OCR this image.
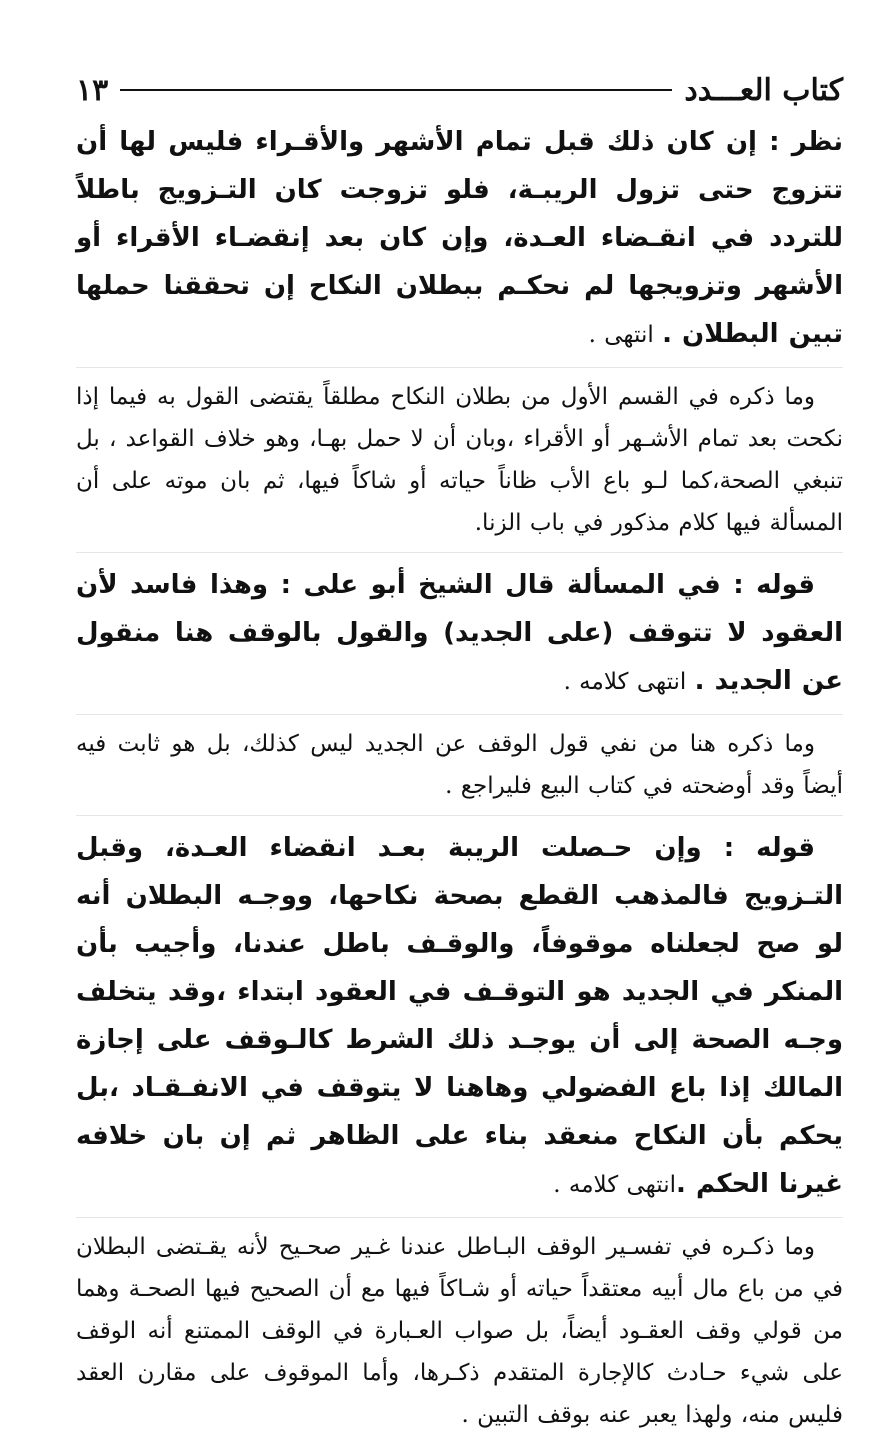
كتاب العـــدد
١٣

نظر : إن كان ذلك قبل تمام الأشهر والأقـراء فليس لها أن تتزوج حتى تزول الريبـة، فلو تزوجت كان التـزويج باطلاً للتردد في انقـضاء العـدة، وإن كان بعد إنقضـاء الأقراء أو الأشهر وتزويجها لم نحكـم ببطلان النكاح إن تحققنا حملها تبين البطلان . انتهى .

وما ذكره في القسم الأول من بطلان النكاح مطلقاً يقتضى القول به فيما إذا نكحت بعد تمام الأشـهر أو الأقراء ،وبان أن لا حمل بهـا، وهو خلاف القواعد ، بل تنبغي الصحة،كما لـو باع الأب ظاناً حياته أو شاكاً فيها، ثم بان موته على أن المسألة فيها كلام مذكور في باب الزنا.

قوله : في المسألة قال الشيخ أبو على : وهذا فاسد لأن العقود لا تتوقف (على الجديد) والقول بالوقف هنا منقول عن الجديد . انتهى كلامه .

وما ذكره هنا من نفي قول الوقف عن الجديد ليس كذلك، بل هو ثابت فيه أيضاً وقد أوضحته في كتاب البيع فليراجع .

قوله : وإن حـصلت الريبة بعـد انقضاء العـدة، وقبل التـزويج فالمذهب القطع بصحة نكاحها، ووجـه البطلان أنه لو صح لجعلناه موقوفاً، والوقـف باطل عندنا، وأجيب بأن المنكر في الجديد هو التوقـف في العقود ابتداء ،وقد يتخلف وجـه الصحة إلى أن يوجـد ذلك الشرط كالـوقف على إجازة المالك إذا باع الفضولي وهاهنا لا يتوقف في الانفـقـاد ،بل يحكم بأن النكاح منعقد بناء على الظاهر ثم إن بان خلافه غيرنا الحكم .انتهى كلامه .

وما ذكـره في تفسـير الوقف البـاطل عندنا غـير صحـيح لأنه يقـتضى البطلان في من باع مال أبيه معتقداً حياته أو شـاكاً فيها مع أن الصحيح فيها الصحـة وهما من قولي وقف العقـود أيضاً، بل صواب العـبارة في الوقف الممتنع أنه الوقف على شيء حـادث كالإجارة المتقدم ذكـرها، وأما الموقوف على مقارن العقد فليس منه، ولهذا يعبر عنه بوقف التبين .
